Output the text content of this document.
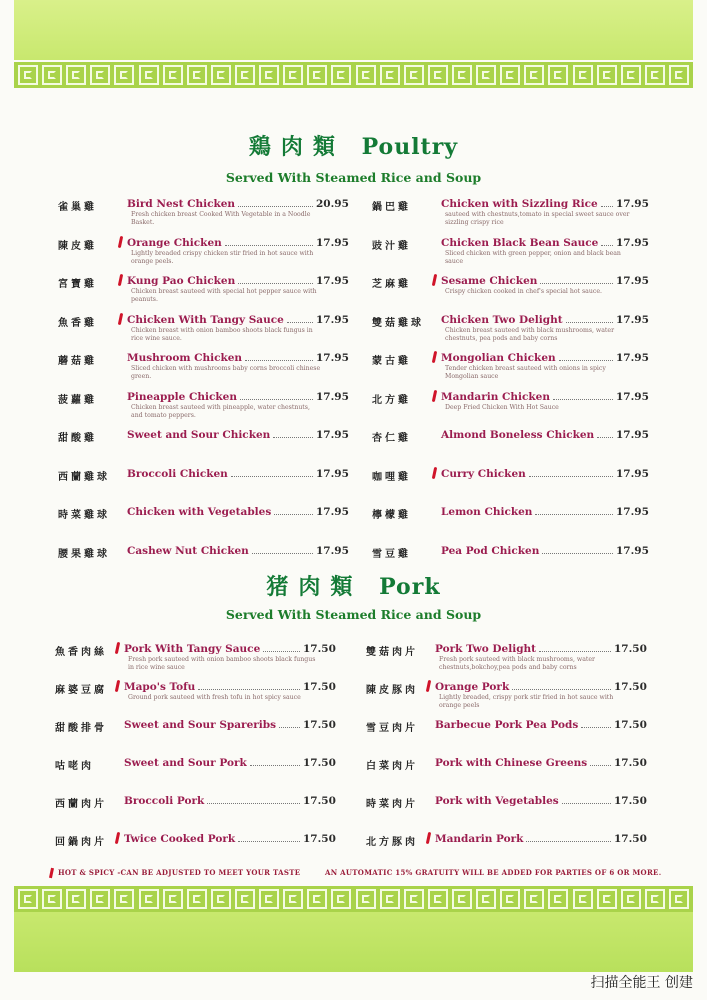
鶏肉類 Poultry
Served With Steamed Rice and Soup
雀巢雞	Bird Nest Chicken	20.95
Fresh chicken breast Cooked With Vegetable in a Noodle Basket.
陳皮雞	Orange Chicken	17.95
Lightly breaded crispy chicken stir fried in hot sauce with orange peels.
宮寶雞	Kung Pao Chicken	17.95
Chicken breast sauteed with special hot pepper sauce with peanuts.
魚香雞	Chicken With Tangy Sauce	17.95
Chicken breast with onion bamboo shoots black fungus in rice wine sauce.
蘑菇雞	Mushroom Chicken	17.95
Sliced chicken with mushrooms baby corns broccoli chinese green.
菠蘿雞	Pineapple Chicken	17.95
Chicken breast sauteed with pineapple, water chestnuts, and tomato peppers.
甜酸雞	Sweet and Sour Chicken	17.95
西蘭雞球	Broccoli Chicken	17.95
時菜雞球	Chicken with Vegetables	17.95
腰果雞球	Cashew Nut Chicken	17.95
鍋巴雞	Chicken with Sizzling Rice 17.95
sauteed with chestnuts,tomato in special sweet sauce over sizzling crispy rice
豉汁雞	Chicken Black Bean Sauce 17.95
Sliced chicken with green pepper, onion and black bean sauce
芝麻雞	Sesame Chicken	17.95
Crispy chicken cooked in chef's special hot sauce.
雙菇雞球	Chicken Two Delight	17.95
Chicken breast sauteed with black mushrooms, water chestnuts, pea pods and baby corns
蒙古雞	Mongolian Chicken	17.95
Tender chicken breast sauteed with onions in spicy Mongolian sauce
北方雞	Mandarin Chicken	17.95
Deep Fried Chicken With Hot Sauce
杏仁雞	Almond Boneless Chicken 17.95
咖哩雞	Curry Chicken	17.95
檸檬雞	Lemon Chicken	17.95
雪豆雞	Pea Pod Chicken	17.95
猪肉類 Pork
Served With Steamed Rice and Soup
魚香肉絲	Pork With Tangy Sauce	17.50
Fresh pork sauteed with onion bamboo shoots black fungus in rice wine sauce
麻婆豆腐	Mapo's Tofu	17.50
Ground pork sauteed with fresh tofu in hot spicy sauce
甜酸排骨	Sweet and Sour Spareribs	17.50
咕咾肉	Sweet and Sour Pork	17.50
西蘭肉片	Broccoli Pork	17.50
回鍋肉片	Twice Cooked Pork	17.50
雙菇肉片	Pork Two Delight	17.50
Fresh pork sauteed with black mushrooms, water chestnuts,bokchoy,pea pods and baby corns
陳皮豚肉	Orange Pork	17.50
Lightly breaded, crispy pork stir fried in hot sauce with orange peels
雪豆肉片	Barbecue Pork Pea Pods	17.50
白菜肉片	Pork with Chinese Greens	17.50
時菜肉片	Pork with Vegetables	17.50
北方豚肉	Mandarin Pork	17.50
HOT & SPICY -CAN BE ADJUSTED TO MEET YOUR TASTE	AN AUTOMATIC 15% GRATUITY WILL BE ADDED FOR PARTIES OF 6 OR MORE.
扫描全能王 创建
